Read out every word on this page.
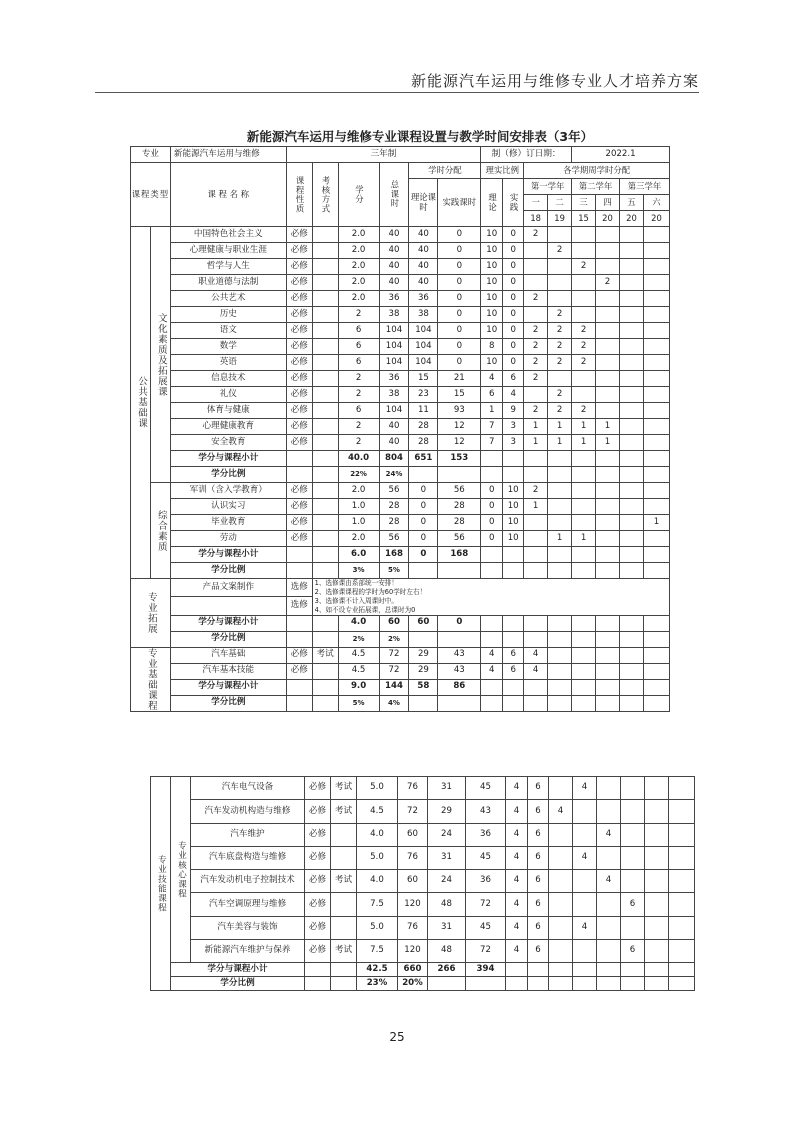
新能源汽车运用与维修专业人才培养方案
新能源汽车运用与维修专业课程设置与教学时间安排表（3年）
专业		新能源汽车运用与维修	三年制						制（修）订日期：				2022.1			
课程类型		课 程 名 称	课程性质	考核方式	学分	总课时	学时分配		理实比例		各学期周学时分配					
							理论课时	实践课时	理论	实践	第一学年		第二学年		第三学年	
											一	二	三	四	五	六
											18	19	15	20	20	20
公共基础课	文化素质及拓展课	中国特色社会主义	必修		2.0	40	40	0	10	0	2					
		心理健康与职业生涯	必修		2.0	40	40	0	10	0		2				
		哲学与人生	必修		2.0	40	40	0	10	0			2			
		职业道德与法制	必修		2.0	40	40	0	10	0				2		
		公共艺术	必修		2.0	36	36	0	10	0	2					
		历史	必修		2	38	38	0	10	0		2				
		语文	必修		6	104	104	0	10	0	2	2	2			
		数学	必修		6	104	104	0	8	0	2	2	2			
		英语	必修		6	104	104	0	10	0	2	2	2			
		信息技术	必修		2	36	15	21	4	6	2					
		礼仪	必修		2	38	23	15	6	4		2				
		体育与健康	必修		6	104	11	93	1	9	2	2	2			
		心理健康教育	必修		2	40	28	12	7	3	1	1	1	1		
		安全教育	必修		2	40	28	12	7	3	1	1	1	1		
		学分与课程小计			40.0	804	651	153								
		学分比例			22%	24%										
	综合素质	军训（含入学教育）	必修		2.0	56	0	56	0	10	2					
		认识实习	必修		1.0	28	0	28	0	10	1					
		毕业教育	必修		1.0	28	0	28	0	10						1
		劳动	必修		2.0	56	0	56	0	10		1	1			
		学分与课程小计			6.0	168	0	168								
		学分比例			3%	5%										
专业拓展		产品文案制作	选修	1、选修课由系部统一安排！
2、选修课课程的学时为60学时左右！
3、选修课不计入周课时中。
4、如不设专业拓展课，总课时为0												

			选修													
		学分与课程小计			4.0	60	60	0								
		学分比例			2%	2%										
专业基础课程		汽车基础	必修	考试	4.5	72	29	43	4	6	4					
		汽车基本技能	必修		4.5	72	29	43	4	6	4					
		学分与课程小计			9.0	144	58	86								
		学分比例			5%	4%										
专业技能课程	专业核心课程	汽车电气设备	必修	考试	5.0	76	31	45	4	6		4				
		汽车发动机构造与维修	必修	考试	4.5	72	29	43	4	6	4					
		汽车维护	必修		4.0	60	24	36	4	6			4			
		汽车底盘构造与维修	必修		5.0	76	31	45	4	6		4				
		汽车发动机电子控制技术	必修	考试	4.0	60	24	36	4	6			4			
		汽车空调原理与维修	必修		7.5	120	48	72	4	6				6		
		汽车美容与装饰	必修		5.0	76	31	45	4	6		4				
		新能源汽车维护与保养	必修	考试	7.5	120	48	72	4	6				6		
	学分与课程小计				42.5	660	266	394								
	学分比例				23%	20%										
25
